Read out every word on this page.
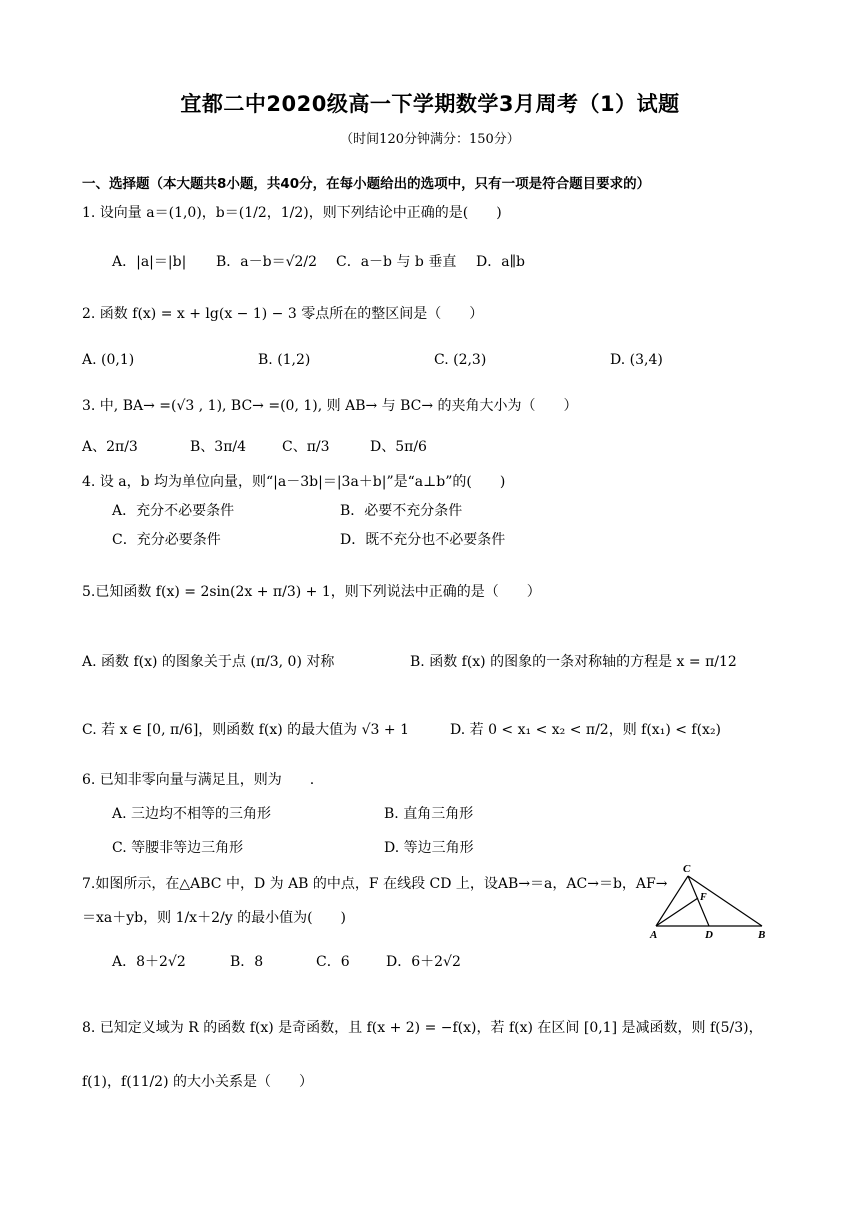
宜都二中2020级高一下学期数学3月周考（1）试题
（时间120分钟满分：150分）
一、选择题（本大题共8小题，共40分，在每小题给出的选项中，只有一项是符合题目要求的）
1. 设向量 a＝(1,0)，b＝(1/2，1/2)，则下列结论中正确的是(　　)
A．|a|＝|b| B．a－b＝√2/2 C．a－b 与 b 垂直 D．a∥b
2. 函数 f(x) = x + lg(x − 1) − 3 零点所在的整区间是（　　）
A. (0,1)	B. (1,2)	C. (2,3)	D. (3,4)
3. 中, BA→ =(√3 , 1), BC→ =(0, 1), 则 AB→ 与 BC→ 的夹角大小为（　　）
A、2π/3	B、3π/4	C、π/3	D、5π/6
4. 设 a，b 均为单位向量，则“|a－3b|＝|3a＋b|”是“a⊥b”的(　　)
A．充分不必要条件	B．必要不充分条件
C．充分必要条件	D．既不充分也不必要条件
5.已知函数 f(x) = 2sin(2x + π/3) + 1，则下列说法中正确的是（　　）
A. 函数 f(x) 的图象关于点 (π/3, 0) 对称	B. 函数 f(x) 的图象的一条对称轴的方程是 x = π/12
C. 若 x ∈ [0, π/6]，则函数 f(x) 的最大值为 √3 + 1	D. 若 0 < x₁ < x₂ < π/2，则 f(x₁) < f(x₂)
6. 已知非零向量与满足且，则为　　.
A. 三边均不相等的三角形	B. 直角三角形
C. 等腰非等边三角形	D. 等边三角形
7.如图所示，在△ABC 中，D 为 AB 的中点，F 在线段 CD 上，设AB→＝a，AC→＝b，AF→
＝xa＋yb，则 1/x＋2/y 的最小值为(　　)
A．8＋2√2	B．8	C．6	D．6＋2√2
C
F
A	D	B
8. 已知定义域为 R 的函数 f(x) 是奇函数，且 f(x + 2) = −f(x)，若 f(x) 在区间 [0,1] 是减函数，则 f(5/3)，
f(1)，f(11/2) 的大小关系是（　　）
